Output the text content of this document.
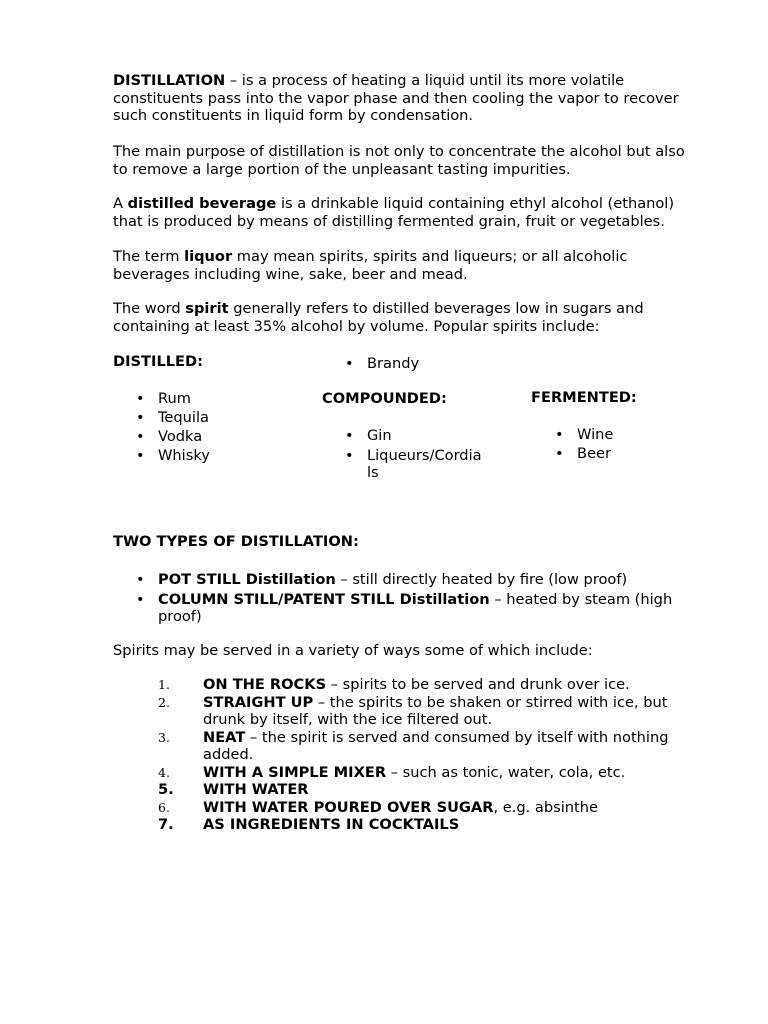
DISTILLATION – is a process of heating a liquid until its more volatile constituents pass into the vapor phase and then cooling the vapor to recover such constituents in liquid form by condensation.

The main purpose of distillation is not only to concentrate the alcohol but also to remove a large portion of the unpleasant tasting impurities.

A distilled beverage is a drinkable liquid containing ethyl alcohol (ethanol) that is produced by means of distilling fermented grain, fruit or vegetables.

The term liquor may mean spirits, spirits and liqueurs; or all alcoholic beverages including wine, sake, beer and mead.

The word spirit generally refers to distilled beverages low in sugars and containing at least 35% alcohol by volume. Popular spirits include:

DISTILLED:
• Rum
• Tequila
• Vodka
• Whisky
• Brandy
COMPOUNDED:
• Gin
• Liqueurs/Cordia ls
FERMENTED:
• Wine
• Beer
TWO TYPES OF DISTILLATION:
• POT STILL Distillation – still directly heated by fire (low proof)
• COLUMN STILL/PATENT STILL Distillation – heated by steam (high proof)

Spirits may be served in a variety of ways some of which include:

1. ON THE ROCKS – spirits to be served and drunk over ice.
2. STRAIGHT UP – the spirits to be shaken or stirred with ice, but drunk by itself, with the ice filtered out.
3. NEAT – the spirit is served and consumed by itself with nothing added.
4. WITH A SIMPLE MIXER – such as tonic, water, cola, etc.
5. WITH WATER
6. WITH WATER POURED OVER SUGAR, e.g. absinthe
7. AS INGREDIENTS IN COCKTAILS
